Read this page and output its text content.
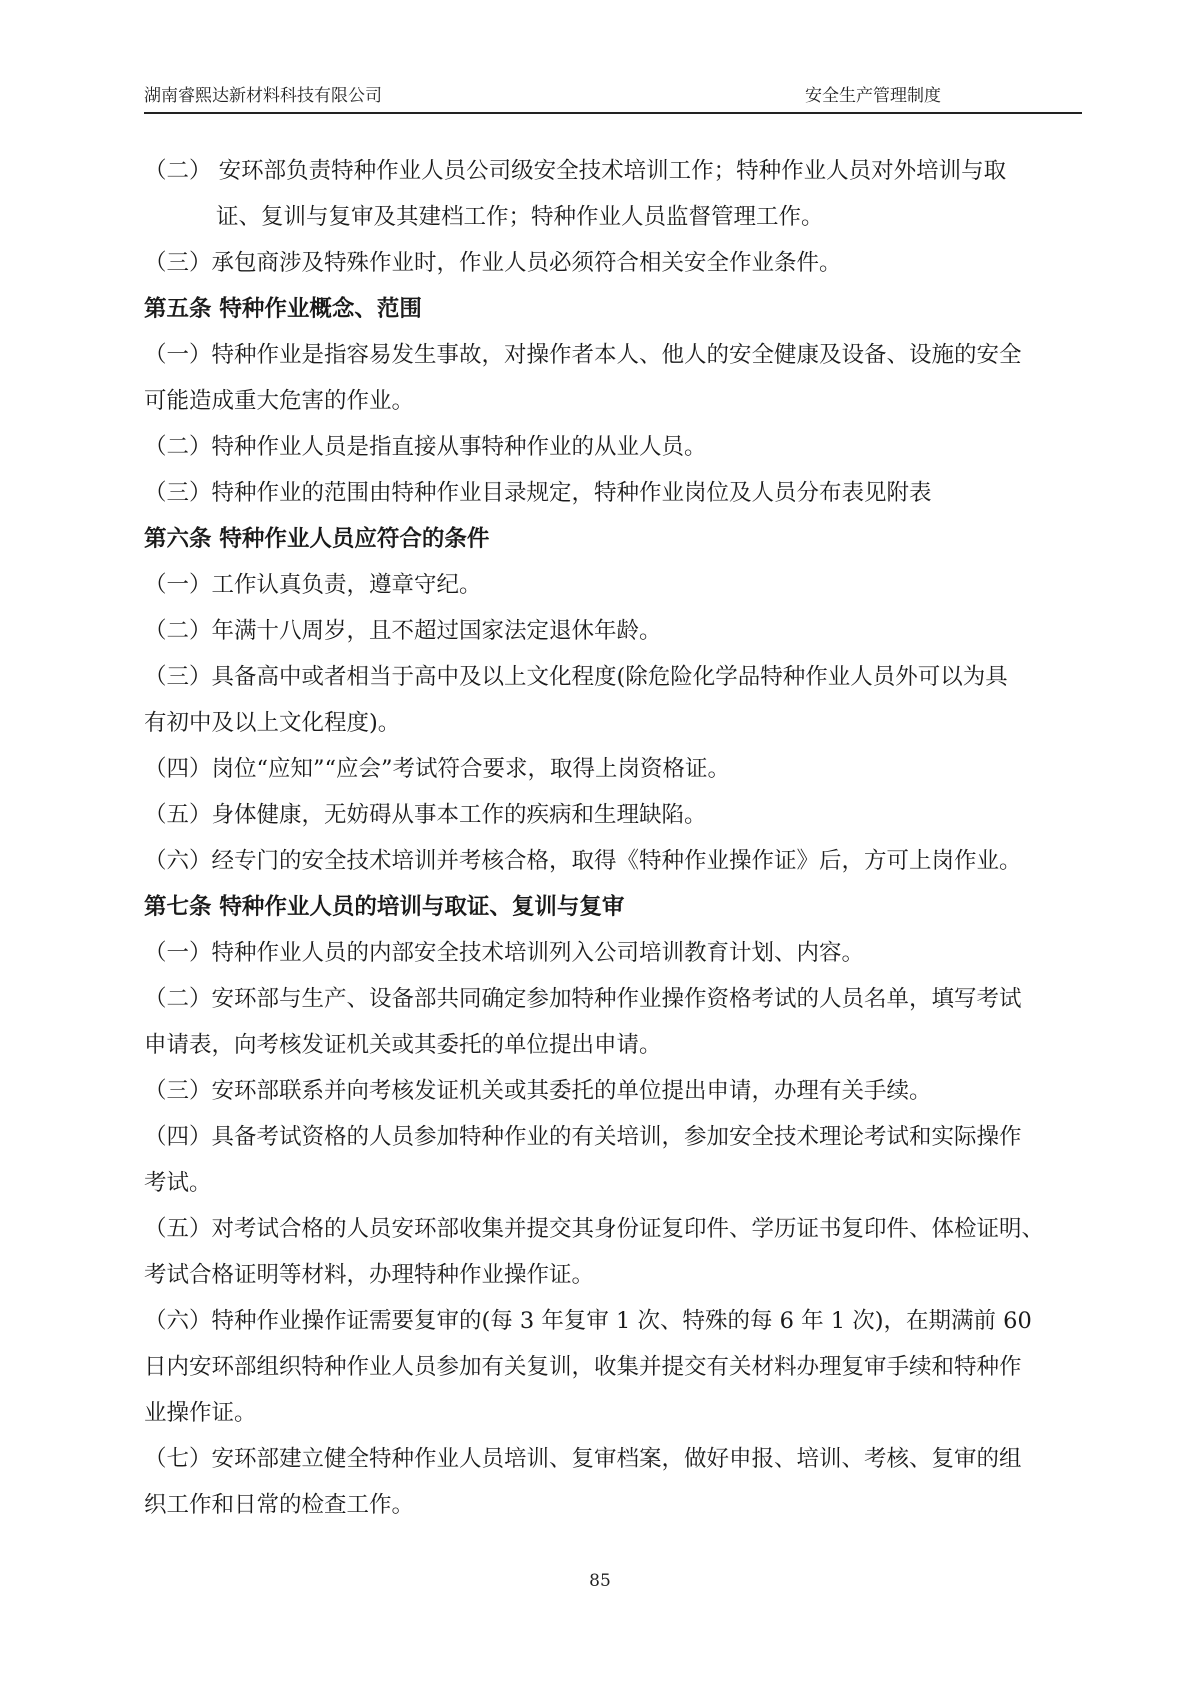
湖南睿熙达新材料科技有限公司	安全生产管理制度

（二） 安环部负责特种作业人员公司级安全技术培训工作；特种作业人员对外培训与取

证、复训与复审及其建档工作；特种作业人员监督管理工作。

（三）承包商涉及特殊作业时，作业人员必须符合相关安全作业条件。

第五条 特种作业概念、范围

（一）特种作业是指容易发生事故，对操作者本人、他人的安全健康及设备、设施的安全

可能造成重大危害的作业。

（二）特种作业人员是指直接从事特种作业的从业人员。

（三）特种作业的范围由特种作业目录规定，特种作业岗位及人员分布表见附表

第六条 特种作业人员应符合的条件

（一）工作认真负责，遵章守纪。

（二）年满十八周岁，且不超过国家法定退休年龄。

（三）具备高中或者相当于高中及以上文化程度(除危险化学品特种作业人员外可以为具

有初中及以上文化程度)。

（四）岗位“应知”“应会”考试符合要求，取得上岗资格证。

（五）身体健康，无妨碍从事本工作的疾病和生理缺陷。

（六）经专门的安全技术培训并考核合格，取得《特种作业操作证》后，方可上岗作业。

第七条 特种作业人员的培训与取证、复训与复审

（一）特种作业人员的内部安全技术培训列入公司培训教育计划、内容。

（二）安环部与生产、设备部共同确定参加特种作业操作资格考试的人员名单，填写考试

申请表，向考核发证机关或其委托的单位提出申请。

（三）安环部联系并向考核发证机关或其委托的单位提出申请，办理有关手续。

（四）具备考试资格的人员参加特种作业的有关培训，参加安全技术理论考试和实际操作

考试。

（五）对考试合格的人员安环部收集并提交其身份证复印件、学历证书复印件、体检证明、

考试合格证明等材料，办理特种作业操作证。

（六）特种作业操作证需要复审的(每 3 年复审 1 次、特殊的每 6 年 1 次)，在期满前 60

日内安环部组织特种作业人员参加有关复训，收集并提交有关材料办理复审手续和特种作

业操作证。

（七）安环部建立健全特种作业人员培训、复审档案，做好申报、培训、考核、复审的组

织工作和日常的检查工作。

85
